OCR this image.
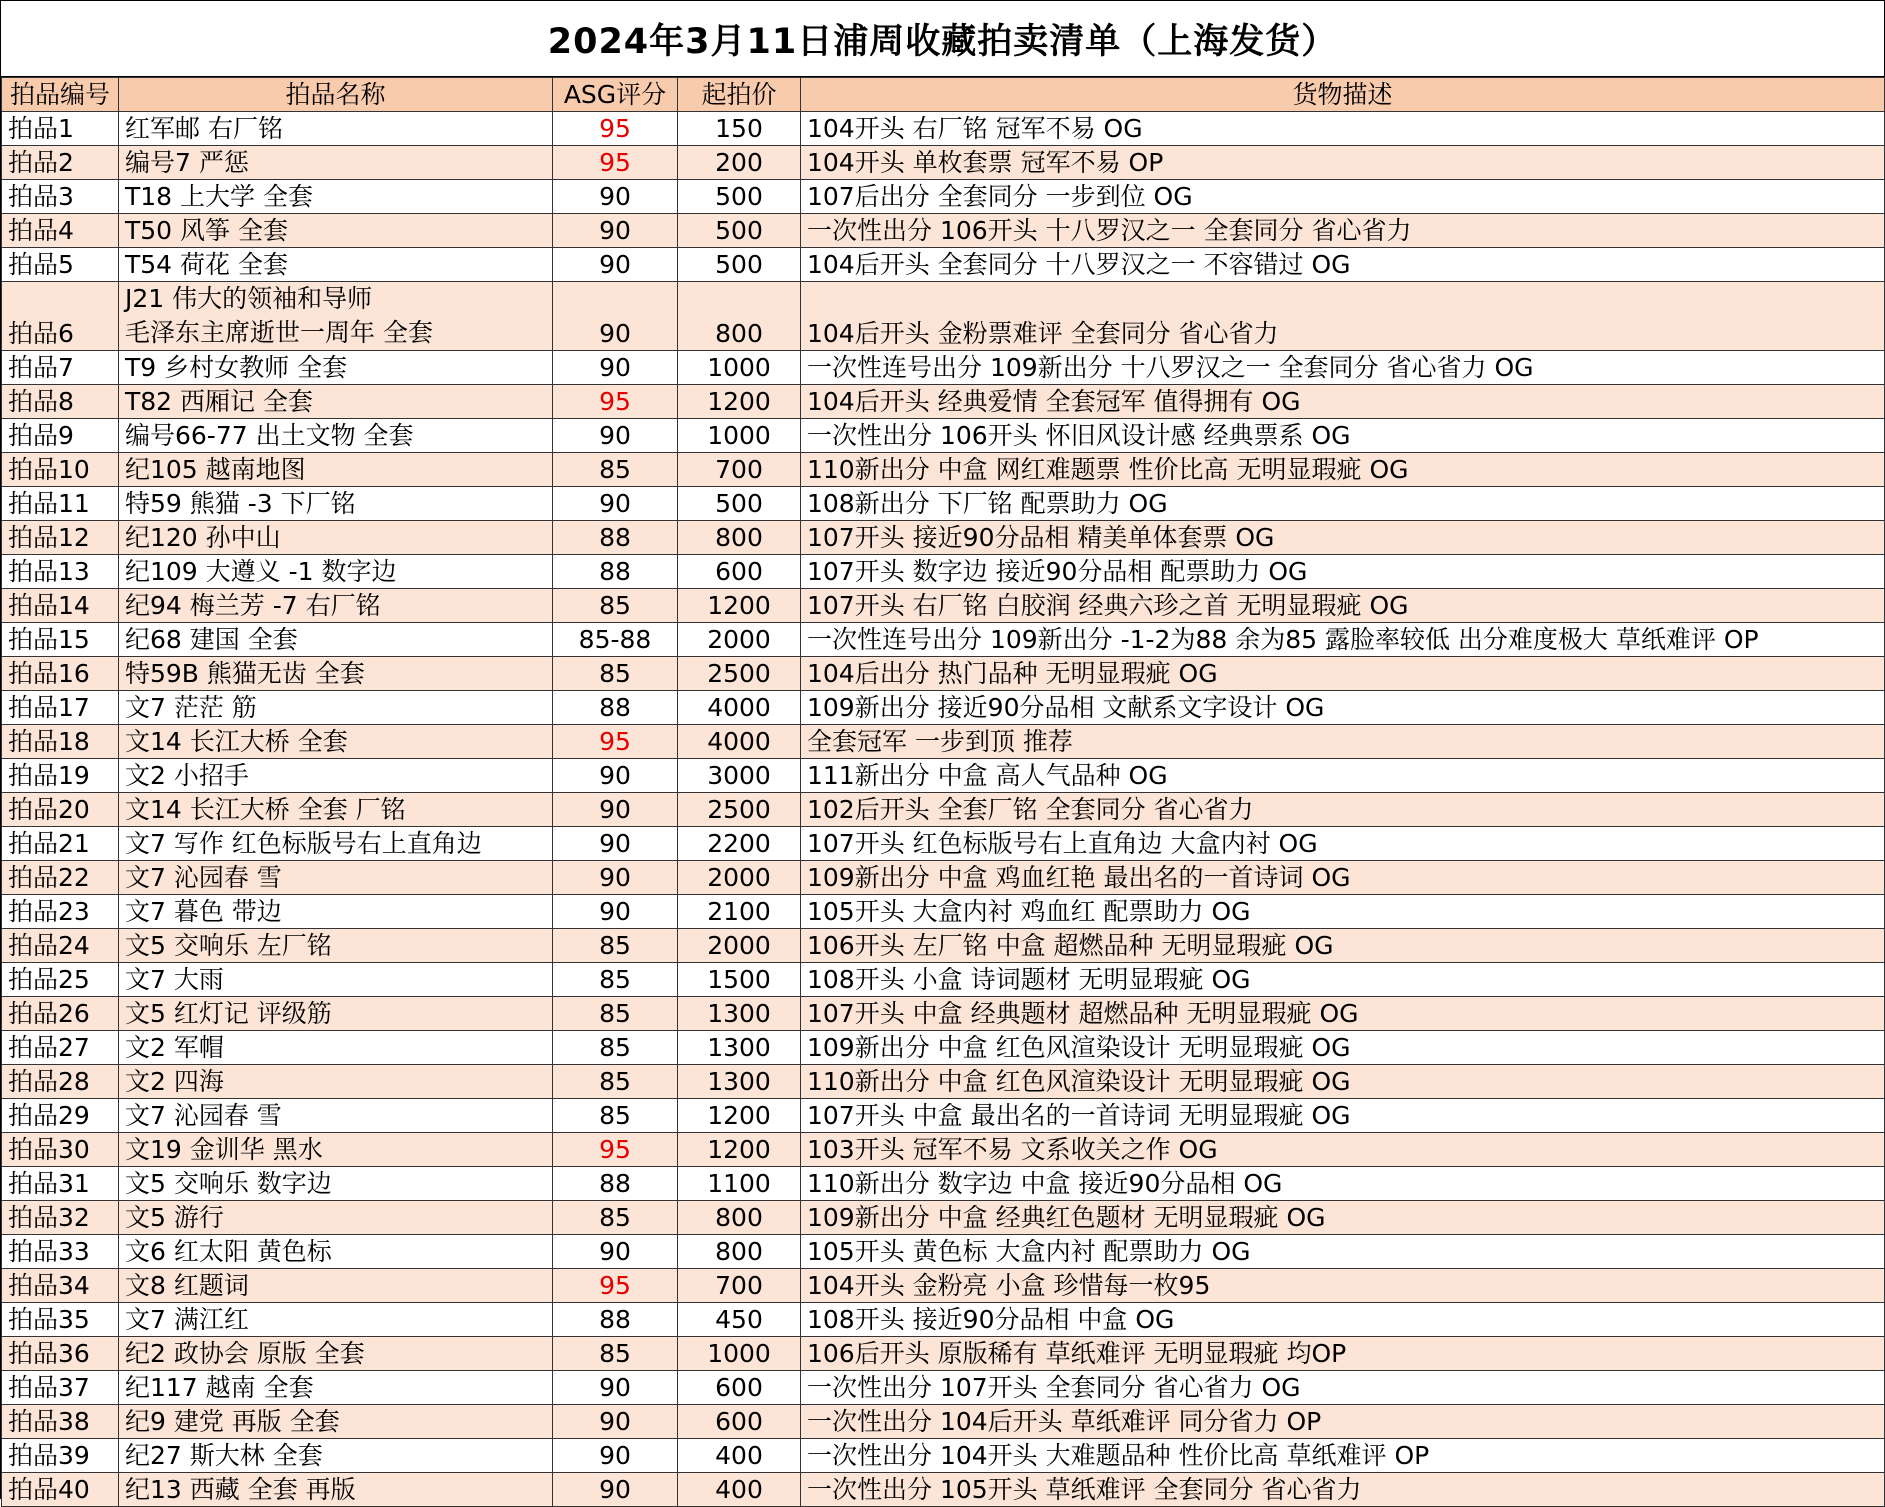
2024年3月11日浦周收藏拍卖清单（上海发货）
拍品编号	拍品名称	ASG评分	起拍价	货物描述
拍品1	红军邮 右厂铭	95	150	104开头 右厂铭 冠军不易 OG
拍品2	编号7 严惩	95	200	104开头 单枚套票 冠军不易 OP
拍品3	T18 上大学 全套	90	500	107后出分 全套同分 一步到位 OG
拍品4	T50 风筝 全套	90	500	一次性出分 106开头 十八罗汉之一 全套同分 省心省力
拍品5	T54 荷花 全套	90	500	104后开头 全套同分 十八罗汉之一 不容错过 OG
拍品6	J21 伟大的领袖和导师
毛泽东主席逝世一周年 全套	90	800	104后开头 金粉票难评 全套同分 省心省力
拍品7	T9 乡村女教师 全套	90	1000	一次性连号出分 109新出分 十八罗汉之一 全套同分 省心省力 OG
拍品8	T82 西厢记 全套	95	1200	104后开头 经典爱情 全套冠军 值得拥有 OG
拍品9	编号66-77 出土文物 全套	90	1000	一次性出分 106开头 怀旧风设计感 经典票系 OG
拍品10	纪105 越南地图	85	700	110新出分 中盒 网红难题票 性价比高 无明显瑕疵 OG
拍品11	特59 熊猫 -3 下厂铭	90	500	108新出分 下厂铭 配票助力 OG
拍品12	纪120 孙中山	88	800	107开头 接近90分品相 精美单体套票 OG
拍品13	纪109 大遵义 -1 数字边	88	600	107开头 数字边 接近90分品相 配票助力 OG
拍品14	纪94 梅兰芳 -7 右厂铭	85	1200	107开头 右厂铭 白胶润 经典六珍之首 无明显瑕疵 OG
拍品15	纪68 建国 全套	85-88	2000	一次性连号出分 109新出分 -1-2为88 余为85 露脸率较低 出分难度极大 草纸难评 OP
拍品16	特59B 熊猫无齿 全套	85	2500	104后出分 热门品种 无明显瑕疵 OG
拍品17	文7 茫茫 筋	88	4000	109新出分 接近90分品相 文献系文字设计 OG
拍品18	文14 长江大桥 全套	95	4000	全套冠军 一步到顶 推荐
拍品19	文2 小招手	90	3000	111新出分 中盒 高人气品种 OG
拍品20	文14 长江大桥 全套 厂铭	90	2500	102后开头 全套厂铭 全套同分 省心省力
拍品21	文7 写作 红色标版号右上直角边	90	2200	107开头 红色标版号右上直角边 大盒内衬 OG
拍品22	文7 沁园春 雪	90	2000	109新出分 中盒 鸡血红艳 最出名的一首诗词 OG
拍品23	文7 暮色 带边	90	2100	105开头 大盒内衬 鸡血红 配票助力 OG
拍品24	文5 交响乐 左厂铭	85	2000	106开头 左厂铭 中盒 超燃品种 无明显瑕疵 OG
拍品25	文7 大雨	85	1500	108开头 小盒 诗词题材 无明显瑕疵 OG
拍品26	文5 红灯记 评级筋	85	1300	107开头 中盒 经典题材 超燃品种 无明显瑕疵 OG
拍品27	文2 军帽	85	1300	109新出分 中盒 红色风渲染设计 无明显瑕疵 OG
拍品28	文2 四海	85	1300	110新出分 中盒 红色风渲染设计 无明显瑕疵 OG
拍品29	文7 沁园春 雪	85	1200	107开头 中盒 最出名的一首诗词 无明显瑕疵 OG
拍品30	文19 金训华 黑水	95	1200	103开头 冠军不易 文系收关之作 OG
拍品31	文5 交响乐 数字边	88	1100	110新出分 数字边 中盒 接近90分品相 OG
拍品32	文5 游行	85	800	109新出分 中盒 经典红色题材 无明显瑕疵 OG
拍品33	文6 红太阳 黄色标	90	800	105开头 黄色标 大盒内衬 配票助力 OG
拍品34	文8 红题词	95	700	104开头 金粉亮 小盒 珍惜每一枚95
拍品35	文7 满江红	88	450	108开头 接近90分品相 中盒 OG
拍品36	纪2 政协会 原版 全套	85	1000	106后开头 原版稀有 草纸难评 无明显瑕疵 均OP
拍品37	纪117 越南 全套	90	600	一次性出分 107开头 全套同分 省心省力 OG
拍品38	纪9 建党 再版 全套	90	600	一次性出分 104后开头 草纸难评 同分省力 OP
拍品39	纪27 斯大林 全套	90	400	一次性出分 104开头 大难题品种 性价比高 草纸难评 OP
拍品40	纪13 西藏 全套 再版	90	400	一次性出分 105开头 草纸难评 全套同分 省心省力
